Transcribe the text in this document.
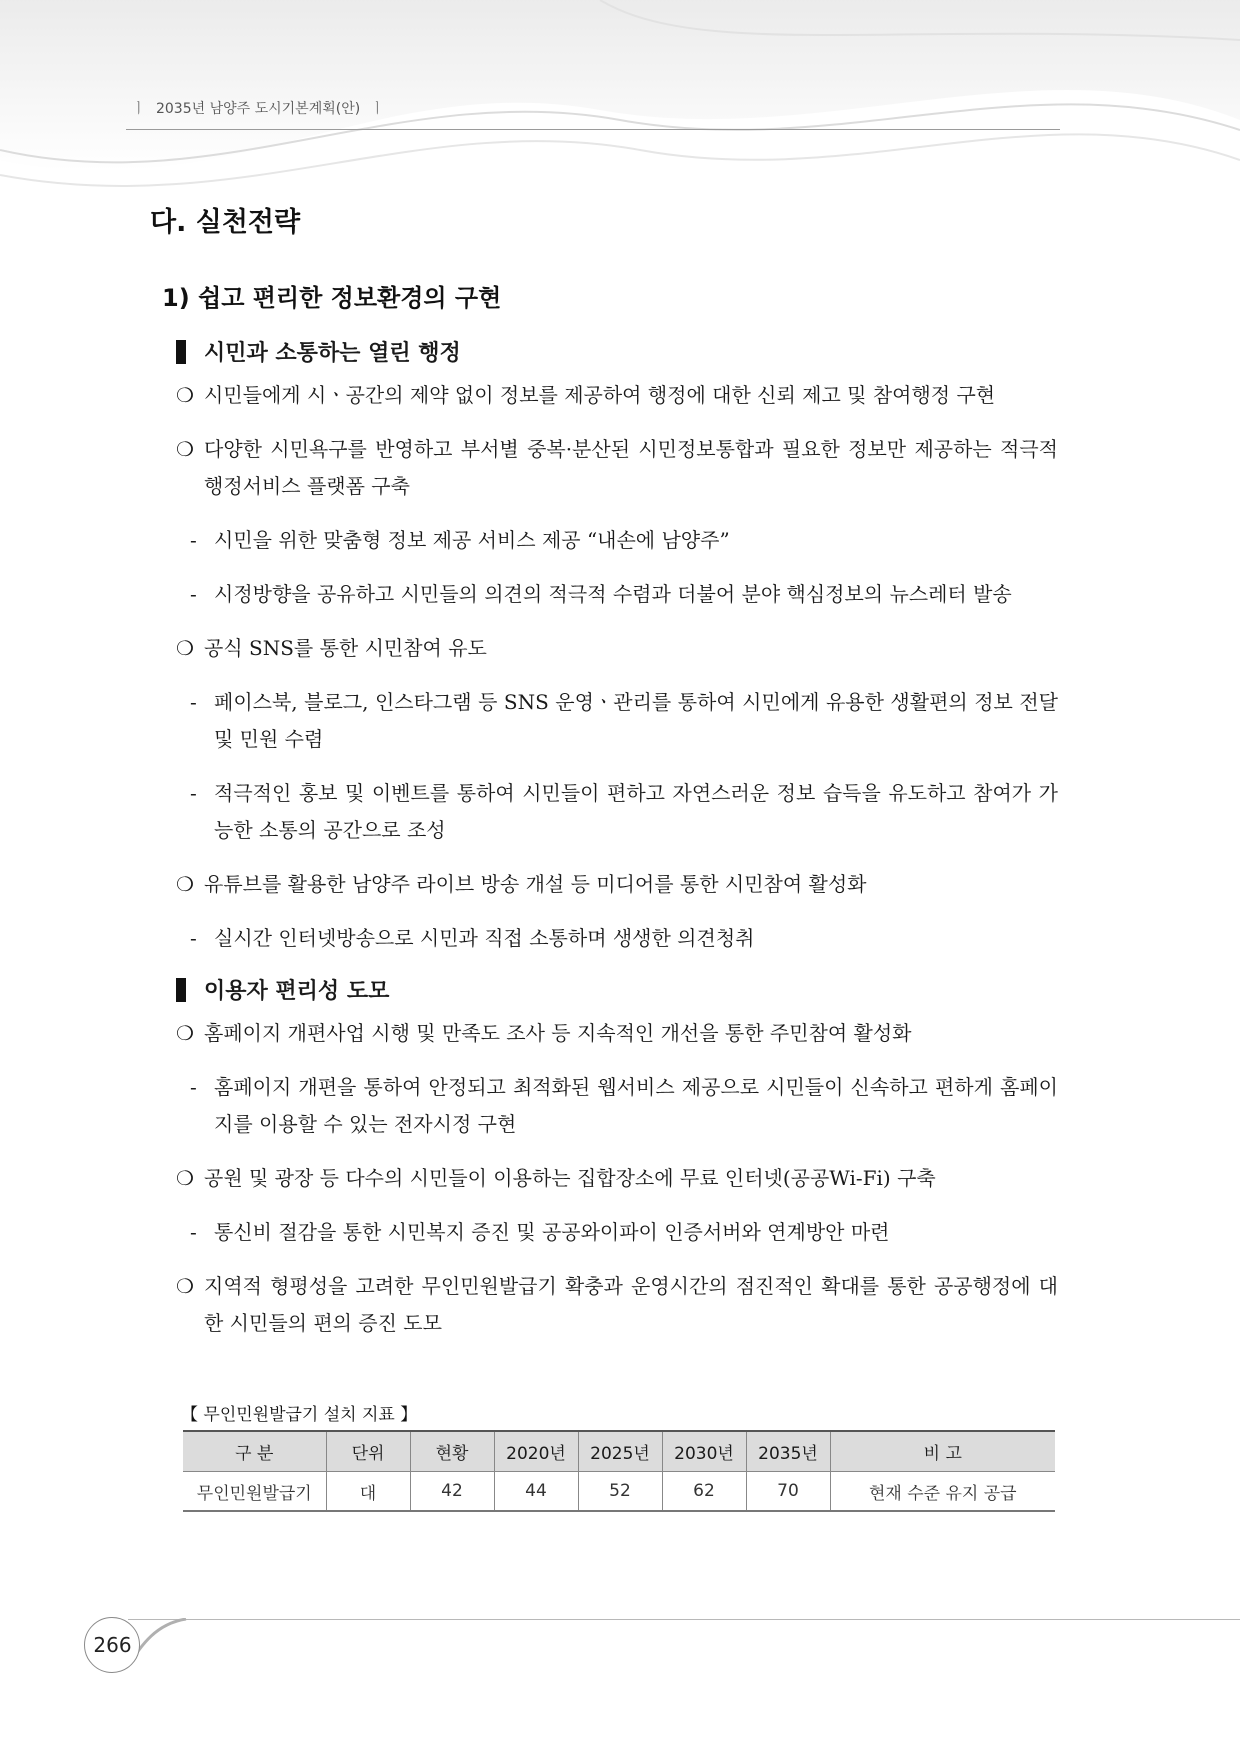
ㅣ 2035년 남양주 도시기본계획(안) ㅣ
다. 실천전략
1) 쉽고 편리한 정보환경의 구현
시민과 소통하는 열린 행정
❍ 시민들에게 시ㆍ공간의 제약 없이 정보를 제공하여 행정에 대한 신뢰 제고 및 참여행정 구현
❍ 다양한 시민욕구를 반영하고 부서별 중복·분산된 시민정보통합과 필요한 정보만 제공하는 적극적 행정서비스 플랫폼 구축
- 시민을 위한 맞춤형 정보 제공 서비스 제공 “내손에 남양주”
- 시정방향을 공유하고 시민들의 의견의 적극적 수렴과 더불어 분야 핵심정보의 뉴스레터 발송
❍ 공식 SNS를 통한 시민참여 유도
- 페이스북, 블로그, 인스타그램 등 SNS 운영ㆍ관리를 통하여 시민에게 유용한 생활편의 정보 전달 및 민원 수렴
- 적극적인 홍보 및 이벤트를 통하여 시민들이 편하고 자연스러운 정보 습득을 유도하고 참여가 가능한 소통의 공간으로 조성
❍ 유튜브를 활용한 남양주 라이브 방송 개설 등 미디어를 통한 시민참여 활성화
- 실시간 인터넷방송으로 시민과 직접 소통하며 생생한 의견청취
이용자 편리성 도모
❍ 홈페이지 개편사업 시행 및 만족도 조사 등 지속적인 개선을 통한 주민참여 활성화
- 홈페이지 개편을 통하여 안정되고 최적화된 웹서비스 제공으로 시민들이 신속하고 편하게 홈페이지를 이용할 수 있는 전자시정 구현
❍ 공원 및 광장 등 다수의 시민들이 이용하는 집합장소에 무료 인터넷(공공Wi-Fi) 구축
- 통신비 절감을 통한 시민복지 증진 및 공공와이파이 인증서버와 연계방안 마련
❍ 지역적 형평성을 고려한 무인민원발급기 확충과 운영시간의 점진적인 확대를 통한 공공행정에 대한 시민들의 편의 증진 도모
【 무인민원발급기 설치 지표 】
구 분	단위	현황	2020년	2025년	2030년	2035년	비 고
무인민원발급기	대	42	44	52	62	70	현재 수준 유지 공급
266
